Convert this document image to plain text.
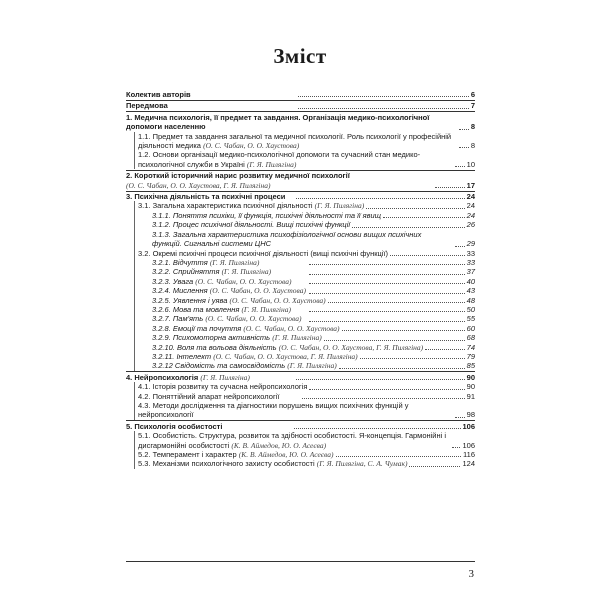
Зміст
Колектив авторів	6
Передмова	7
1. Медична психологія, її предмет та завдання. Організація медико-психологічної допомоги населенню	8
1.1. Предмет та завдання загальної та медичної психології. Роль психології у професійній діяльності медика (О. С. Чабан, О. О. Хаустова)	8
1.2. Основи організації медико-психологічної допомоги та сучасний стан медико-психологічної служби в Україні (Г. Я. Пилягіна)	10
2. Короткий історичний нарис розвитку медичної психології
(О. С. Чабан, О. О. Хаустова, Г. Я. Пилягіна)	17
3. Психічна діяльність та психічні процеси	24
3.1. Загальна характеристика психічної діяльності (Г. Я. Пилягіна)	24
3.1.1. Поняття психіки, її функція, психічні діяльності та її явищ	24
3.1.2. Процес психічної діяльності. Вищі психічні функції	26
3.1.3. Загальна характеристика психофізіологічної основи вищих психічних функцій. Сигнальні системи ЦНС	29
3.2. Окремі психічні процеси психічної діяльності (вищі психічні функції)	33
3.2.1. Відчуття (Г. Я. Пилягіна)	33
3.2.2. Сприйняття (Г. Я. Пилягіна)	37
3.2.3. Увага (О. С. Чабан, О. О. Хаустова)	40
3.2.4. Мислення (О. С. Чабан, О. О. Хаустова)	43
3.2.5. Уявлення і уява (О. С. Чабан, О. О. Хаустова)	48
3.2.6. Мова та мовлення (Г. Я. Пилягіна)	50
3.2.7. Пам'ять (О. С. Чабан, О. О. Хаустова)	55
3.2.8. Емоції та почуття (О. С. Чабан, О. О. Хаустова)	60
3.2.9. Психомоторна активність (Г. Я. Пилягіна)	68
3.2.10. Воля та вольова діяльність (О. С. Чабан, О. О. Хаустова, Г. Я. Пилягіна)	74
3.2.11. Інтелект (О. С. Чабан, О. О. Хаустова, Г. Я. Пилягіна)	79
3.2.12 Свідомість та самосвідомість (Г. Я. Пилягіна)	85
4. Нейропсихологія (Г. Я. Пилягіна)	90
4.1. Історія розвитку та сучасна нейропсихологія	90
4.2. Поняттійний апарат нейропсихології	91
4.3. Методи дослідження та діагностики порушень вищих психічних функцій у нейропсихології	98
5. Психологія особистості	106
5.1. Особистість. Структура, розвиток та здібності особистості. Я-концепція. Гармонійні і дисгармонійні особистості (К. В. Аймедов, Ю. О. Асеєва)	106
5.2. Темперамент і характер (К. В. Аймедов, Ю. О. Асеєва)	116
5.3. Механізми психологічного захисту особистості (Г. Я. Пилягіна, С. А. Чумак)	124
3
